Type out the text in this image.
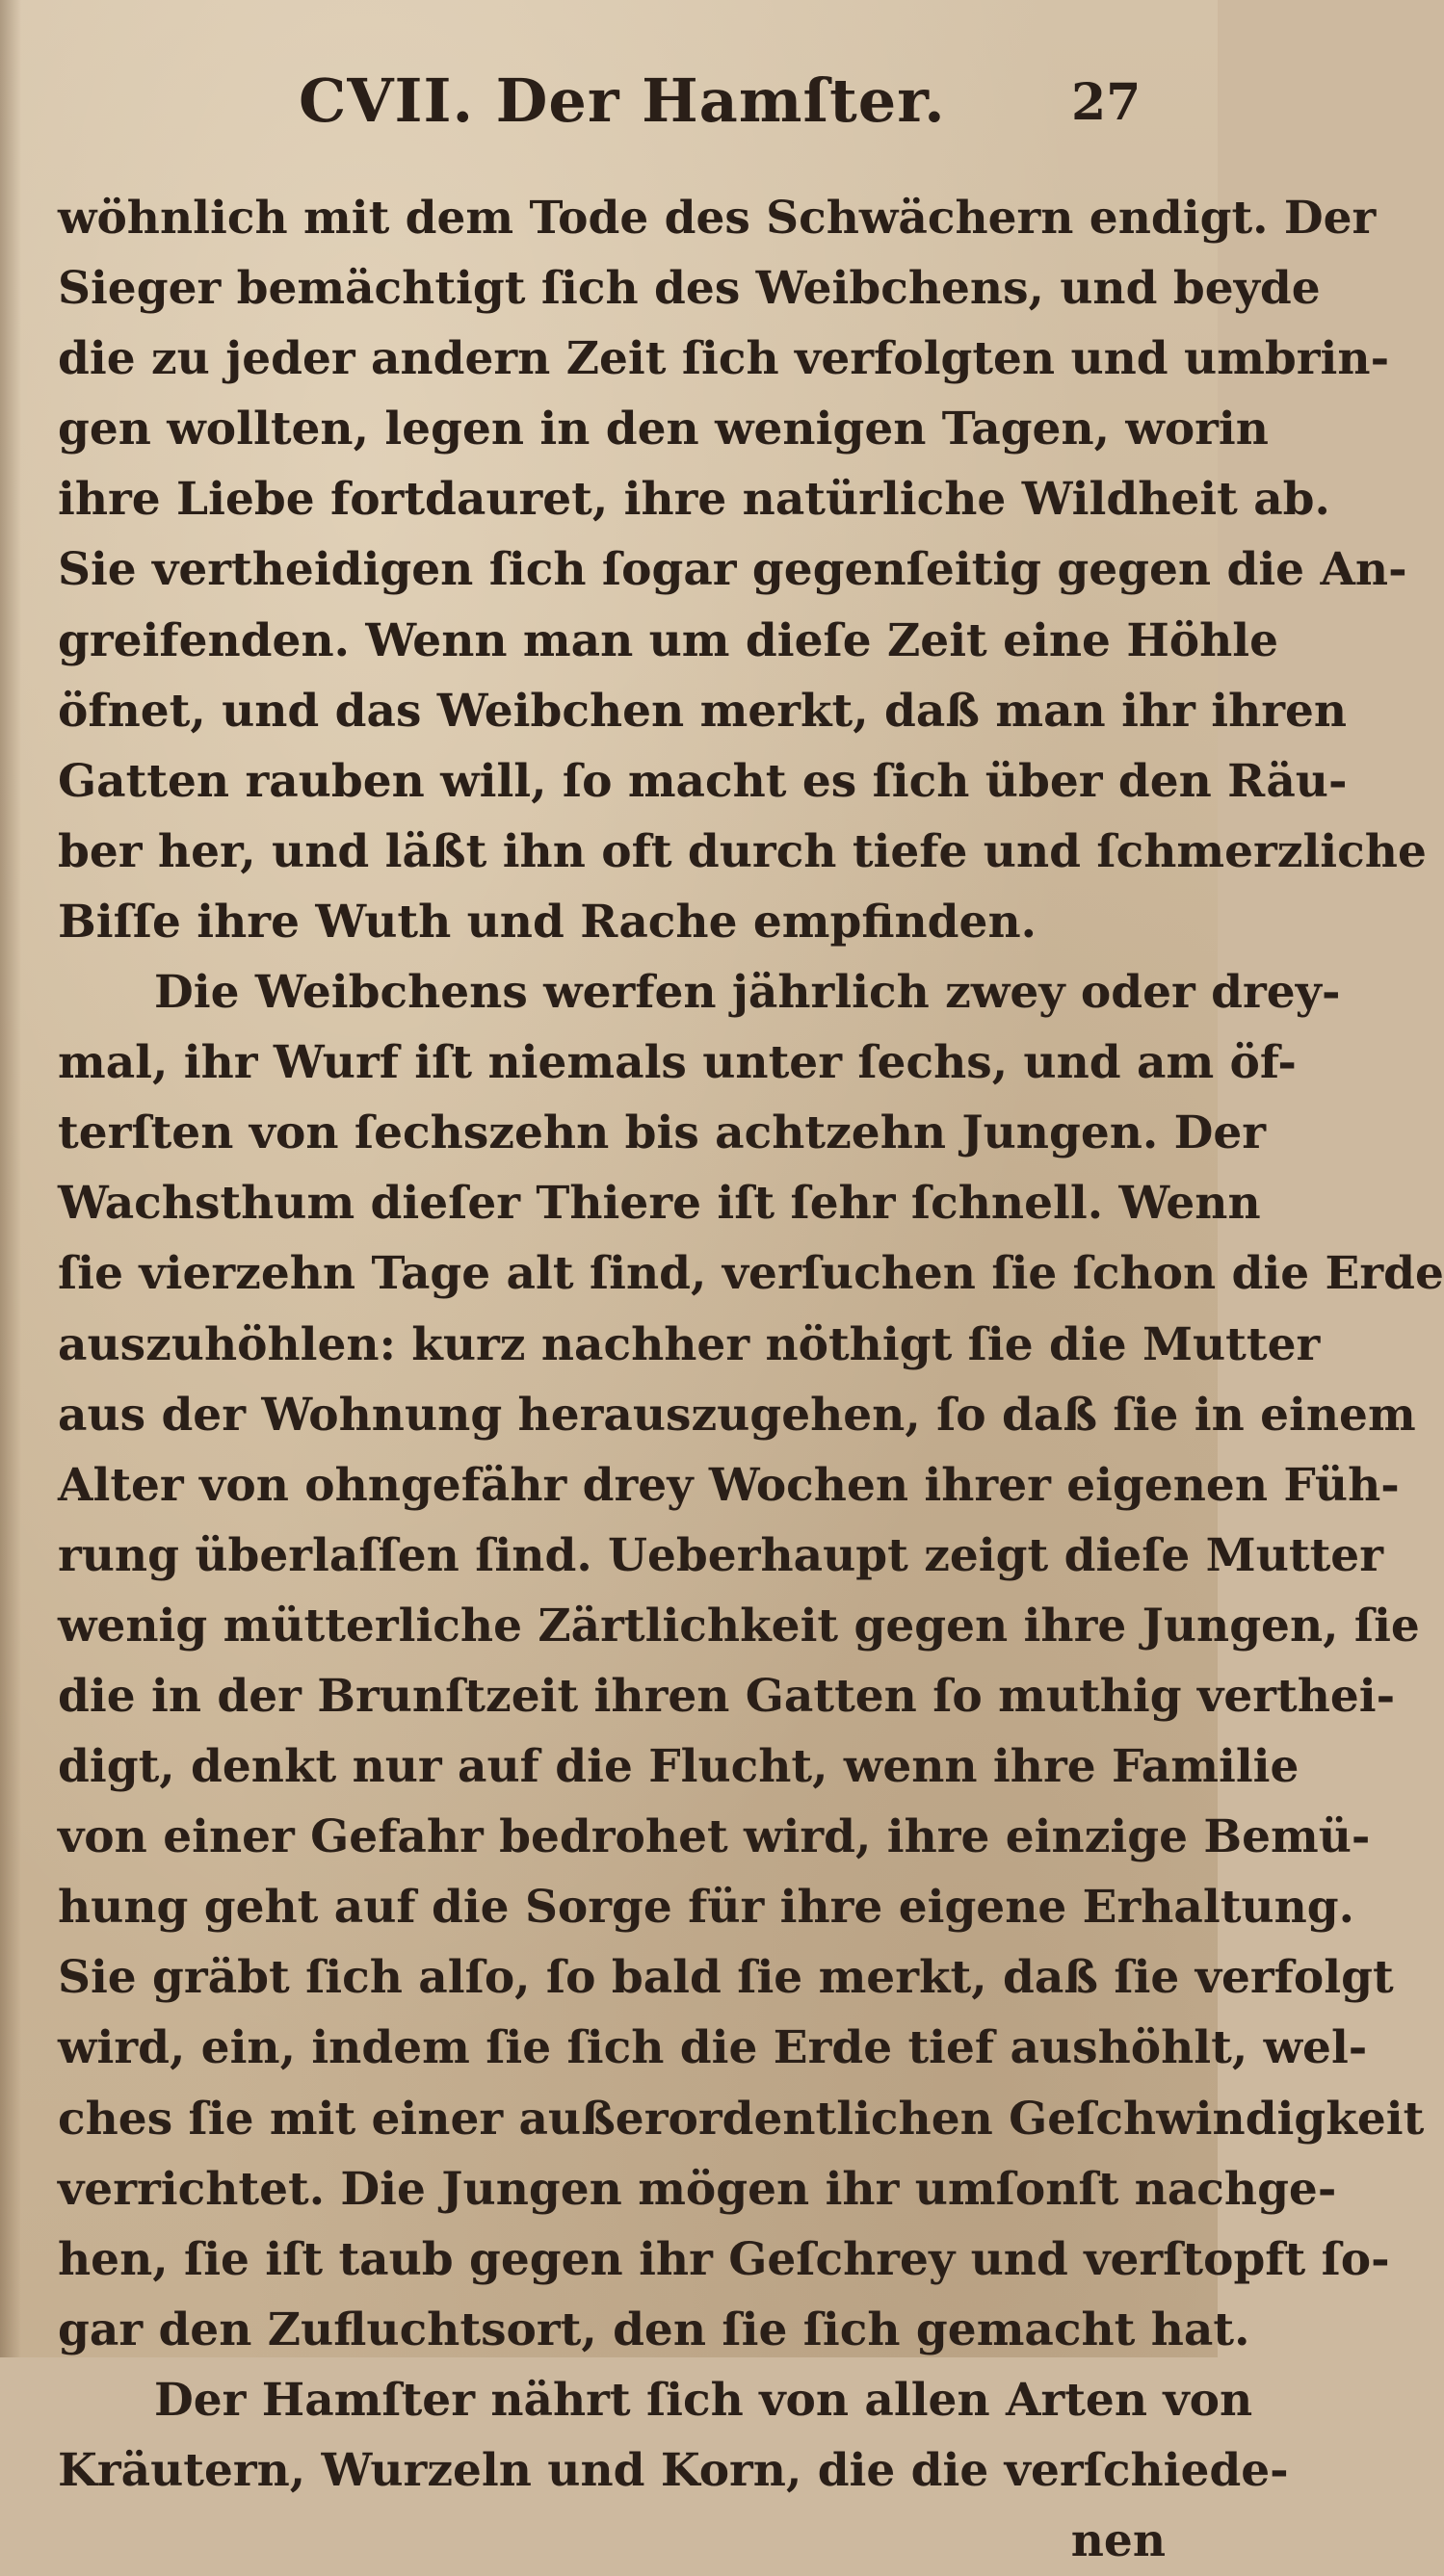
CVII. Der Hamſter.	27
wöhnlich mit dem Tode des Schwächern endigt. Der
Sieger bemächtigt ſich des Weibchens, und beyde
die zu jeder andern Zeit ſich verfolgten und umbrin-
gen wollten, legen in den wenigen Tagen, worin
ihre Liebe fortdauret, ihre natürliche Wildheit ab.
Sie vertheidigen ſich ſogar gegenſeitig gegen die An-
greifenden. Wenn man um dieſe Zeit eine Höhle
öfnet, und das Weibchen merkt, daß man ihr ihren
Gatten rauben will, ſo macht es ſich über den Räu-
ber her, und läßt ihn oft durch tiefe und ſchmerzliche
Biſſe ihre Wuth und Rache empfinden.
Die Weibchens werfen jährlich zwey oder drey-
mal, ihr Wurf iſt niemals unter ſechs, und am öf-
terſten von ſechszehn bis achtzehn Jungen. Der
Wachsthum dieſer Thiere iſt ſehr ſchnell. Wenn
ſie vierzehn Tage alt ſind, verſuchen ſie ſchon die Erde
auszuhöhlen: kurz nachher nöthigt ſie die Mutter
aus der Wohnung herauszugehen, ſo daß ſie in einem
Alter von ohngefähr drey Wochen ihrer eigenen Füh-
rung überlaſſen ſind. Ueberhaupt zeigt dieſe Mutter
wenig mütterliche Zärtlichkeit gegen ihre Jungen, ſie
die in der Brunſtzeit ihren Gatten ſo muthig verthei-
digt, denkt nur auf die Flucht, wenn ihre Familie
von einer Gefahr bedrohet wird, ihre einzige Bemü-
hung geht auf die Sorge für ihre eigene Erhaltung.
Sie gräbt ſich alſo, ſo bald ſie merkt, daß ſie verfolgt
wird, ein, indem ſie ſich die Erde tief aushöhlt, wel-
ches ſie mit einer außerordentlichen Geſchwindigkeit
verrichtet. Die Jungen mögen ihr umſonſt nachge-
hen, ſie iſt taub gegen ihr Geſchrey und verſtopft ſo-
gar den Zufluchtsort, den ſie ſich gemacht hat.
Der Hamſter nährt ſich von allen Arten von
Kräutern, Wurzeln und Korn, die die verſchiede-
nen
